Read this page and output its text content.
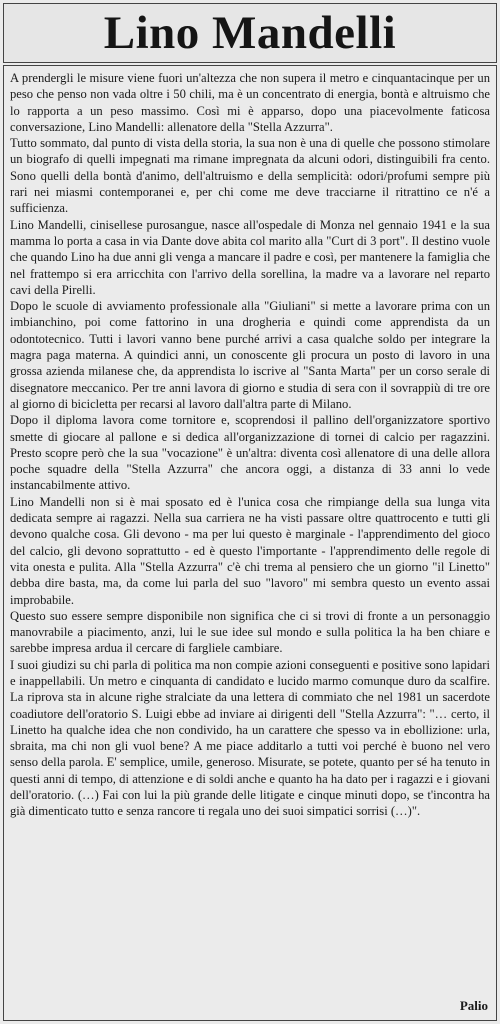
Lino Mandelli

A prendergli le misure viene fuori un'altezza che non supera il metro e cinquantacinque per un peso che penso non vada oltre i 50 chili, ma è un concentrato di energia, bontà e altruismo che lo rapporta a un peso massimo. Così mi è apparso, dopo una piacevolmente faticosa conversazione, Lino Mandelli: allenatore della "Stella Azzurra".

Tutto sommato, dal punto di vista della storia, la sua non è una di quelle che possono stimolare un biografo di quelli impegnati ma rimane impregnata da alcuni odori, distinguibili fra cento. Sono quelli della bontà d'animo, dell'altruismo e della semplicità: odori/profumi sempre più rari nei miasmi contemporanei e, per chi come me deve tracciarne il ritrattino ce n'é a sufficienza.

Lino Mandelli, cinisellese purosangue, nasce all'ospedale di Monza nel gennaio 1941 e la sua mamma lo porta a casa in via Dante dove abita col marito alla "Curt di 3 port". Il destino vuole che quando Lino ha due anni gli venga a mancare il padre e così, per mantenere la famiglia che nel frattempo si era arricchita con l'arrivo della sorellina, la madre va a lavorare nel reparto cavi della Pirelli.

Dopo le scuole di avviamento professionale alla "Giuliani" si mette a lavorare prima con un imbianchino, poi come fattorino in una drogheria e quindi come apprendista da un odontotecnico. Tutti i lavori vanno bene purché arrivi a casa qualche soldo per integrare la magra paga materna. A quindici anni, un conoscente gli procura un posto di lavoro in una grossa azienda milanese che, da apprendista lo iscrive al "Santa Marta" per un corso serale di disegnatore meccanico. Per tre anni lavora di giorno e studia di sera con il sovrappiù di tre ore al giorno di bicicletta per recarsi al lavoro dall'altra parte di Milano.

Dopo il diploma lavora come tornitore e, scoprendosi il pallino dell'organizzatore sportivo smette di giocare al pallone e si dedica all'organizzazione di tornei di calcio per ragazzini. Presto scopre però che la sua "vocazione" è un'altra: diventa così allenatore di una delle allora poche squadre della "Stella Azzurra" che ancora oggi, a distanza di 33 anni lo vede instancabilmente attivo.

Lino Mandelli non si è mai sposato ed è l'unica cosa che rimpiange della sua lunga vita dedicata sempre ai ragazzi. Nella sua carriera ne ha visti passare oltre quattrocento e tutti gli devono qualche cosa. Gli devono - ma per lui questo è marginale - l'apprendimento del gioco del calcio, gli devono soprattutto - ed è questo l'importante - l'apprendimento delle regole di vita onesta e pulita. Alla "Stella Azzurra" c'è chi trema al pensiero che un giorno "il Linetto" debba dire basta, ma, da come lui parla del suo "lavoro" mi sembra questo un evento assai improbabile.

Questo suo essere sempre disponibile non significa che ci si trovi di fronte a un personaggio manovrabile a piacimento, anzi, lui le sue idee sul mondo e sulla politica la ha ben chiare e sarebbe impresa ardua il cercare di fargliele cambiare.

I suoi giudizi su chi parla di politica ma non compie azioni conseguenti e positive sono lapidari e inappellabili. Un metro e cinquanta di candidato e lucido marmo comunque duro da scalfire. La riprova sta in alcune righe stralciate da una lettera di commiato che nel 1981 un sacerdote coadiutore dell'oratorio S. Luigi ebbe ad inviare ai dirigenti dell "Stella Azzurra": "… certo, il Linetto ha qualche idea che non condivido, ha un carattere che spesso va in ebollizione: urla, sbraita, ma chi non gli vuol bene? A me piace additarlo a tutti voi perché è buono nel vero senso della parola. E' semplice, umile, generoso. Misurate, se potete, quanto per sé ha tenuto in questi anni di tempo, di attenzione e di soldi anche e quanto ha ha dato per i ragazzi e i giovani dell'oratorio. (…) Fai con lui la più grande delle litigate e cinque minuti dopo, se t'incontra ha già dimenticato tutto e senza rancore ti regala uno dei suoi simpatici sorrisi (…)".

Palio
